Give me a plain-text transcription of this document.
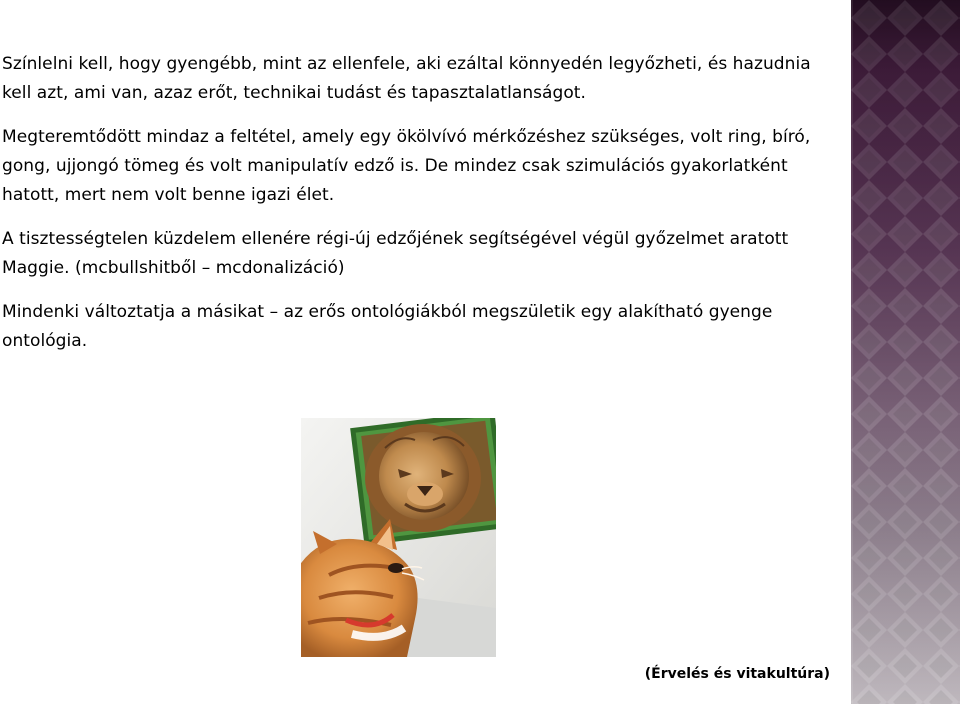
Színlelni kell, hogy gyengébb, mint az ellenfele, aki ezáltal könnyedén legyőzheti, és hazudnia kell azt, ami van, azaz erőt, technikai tudást és tapasztalatlanságot.

Megteremtődött mindaz a feltétel, amely egy ökölvívó mérkőzéshez szükséges, volt ring, bíró, gong, ujjongó tömeg és volt manipulatív edző is. De mindez csak szimulációs gyakorlatként hatott, mert nem volt benne igazi élet.

A tisztességtelen küzdelem ellenére régi-új edzőjének segítségével végül győzelmet aratott Maggie. (mcbullshitből – mcdonalizáció)

Mindenki változtatja a másikat – az erős ontológiákból megszületik egy alakítható gyenge ontológia.

(Érvelés és vitakultúra)
